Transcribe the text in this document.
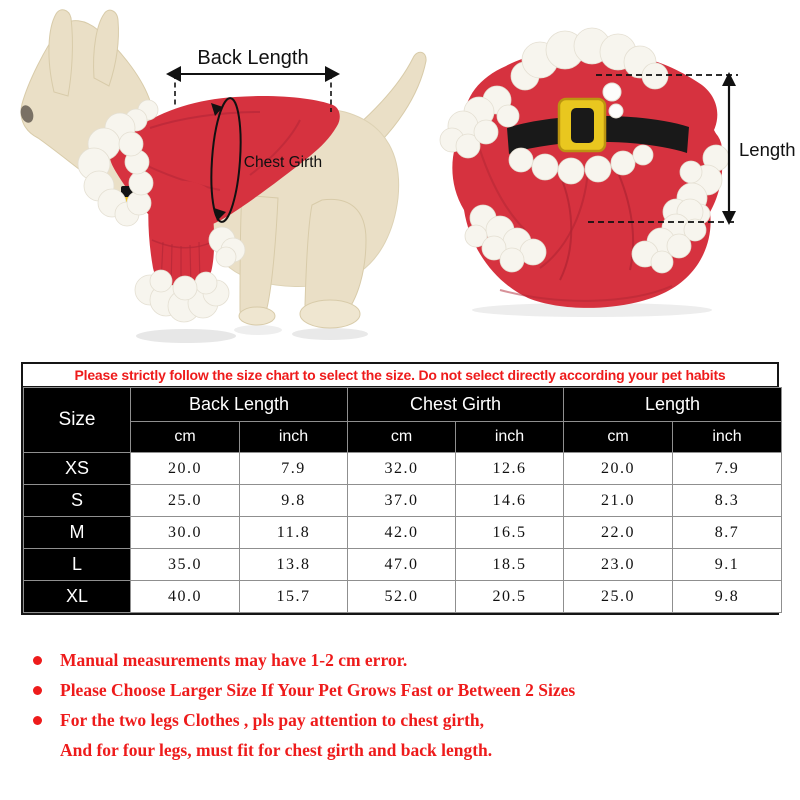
Back Length
Chest Girth
Length
Please strictly follow the size chart to select the size. Do not select directly according your pet habits
Size	Back Length		Chest Girth		Length	
	cm	inch	cm	inch	cm	inch
XS	20.0	7.9	32.0	12.6	20.0	7.9
S	25.0	9.8	37.0	14.6	21.0	8.3
M	30.0	11.8	42.0	16.5	22.0	8.7
L	35.0	13.8	47.0	18.5	23.0	9.1
XL	40.0	15.7	52.0	20.5	25.0	9.8
Manual measurements may have 1-2 cm error.
Please Choose Larger Size If Your Pet Grows Fast or Between 2 Sizes
For the two legs Clothes , pls pay attention to chest girth,
And for four legs, must fit for chest girth and back length.
